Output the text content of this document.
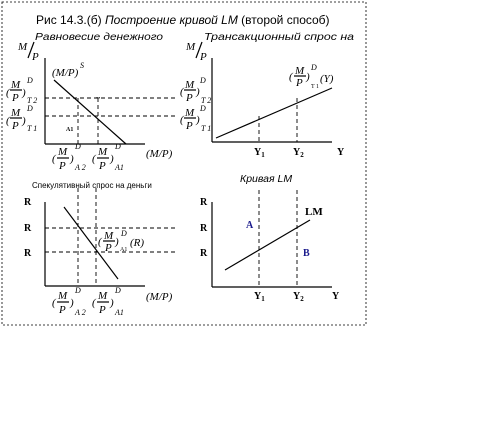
Рис 14.3.(б) Построение кривой LM (второй способ)
Равновесие денежного	Трансакционный спрос на
Спекулятивный спрос на деньги
Кривая LM
M
P
(M/P)
S
(
M
P )
D
T 2
(
M
P )
D
T 1
••
A1
(
M
P
)
D
A 2
(
M
P
)
D
A1
(M/P)
M
P
(
M
P )
D
T 2
(
M
P )
D
T 1
( M
P )
D
T 1
(Y)
$Y_1$	$Y_2$	Y
R
R
R
( M
P )
D
A1
(R)
(
M
P
)
D
A 2
(
M
P
)
D
A1
(M/P)
R
R
R
A
B
LM
$Y_1$	$Y_2$	Y
